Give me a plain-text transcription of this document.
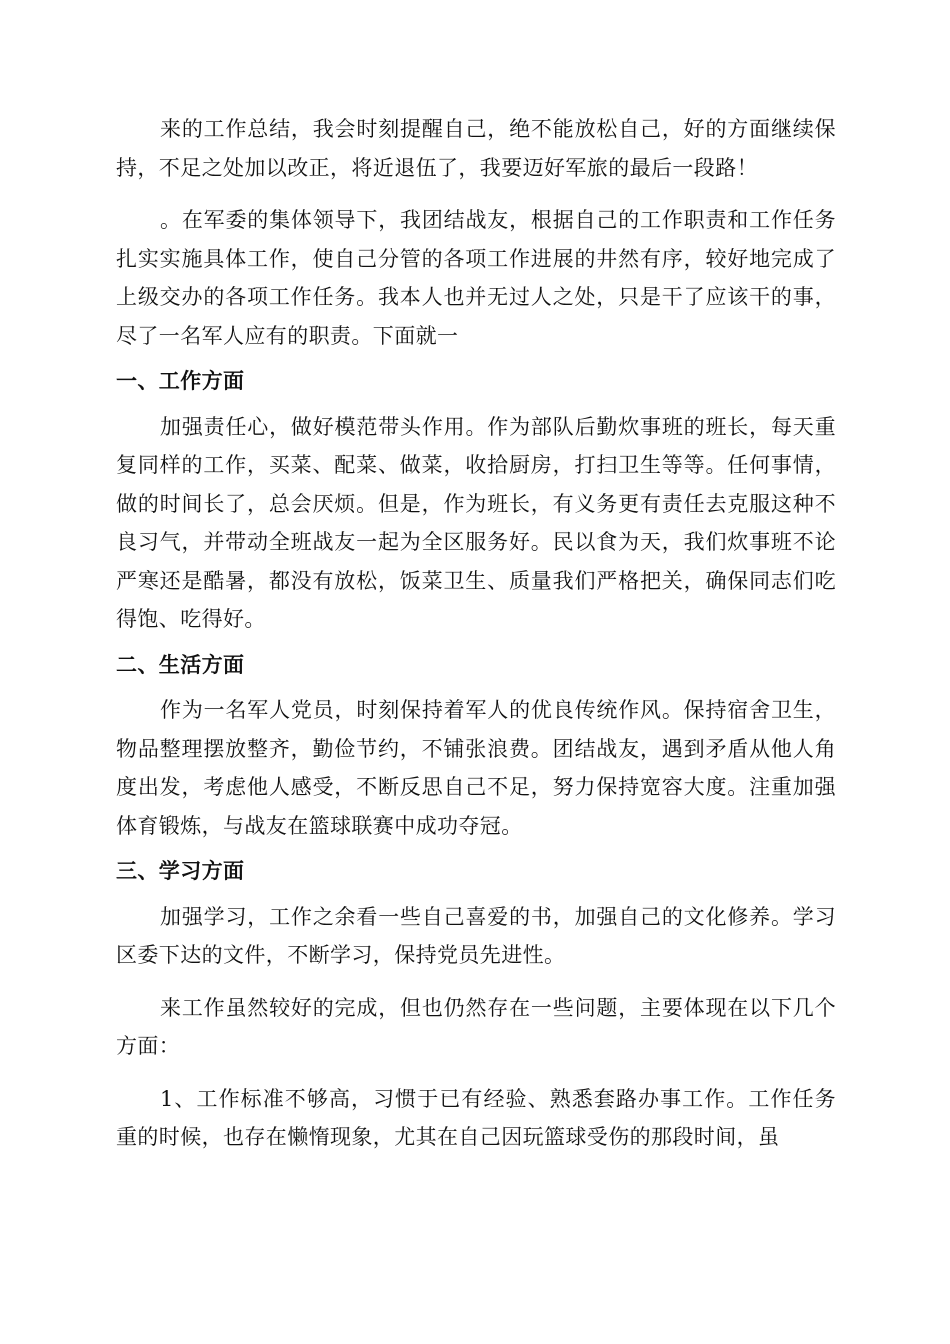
来的工作总结，我会时刻提醒自己，绝不能放松自己，好的方面继续保持，不足之处加以改正，将近退伍了，我要迈好军旅的最后一段路！

。在军委的集体领导下，我团结战友，根据自己的工作职责和工作任务扎实实施具体工作，使自己分管的各项工作进展的井然有序，较好地完成了上级交办的各项工作任务。我本人也并无过人之处，只是干了应该干的事，尽了一名军人应有的职责。下面就一

一、工作方面

加强责任心，做好模范带头作用。作为部队后勤炊事班的班长，每天重复同样的工作，买菜、配菜、做菜，收拾厨房，打扫卫生等等。任何事情，做的时间长了，总会厌烦。但是，作为班长，有义务更有责任去克服这种不良习气，并带动全班战友一起为全区服务好。民以食为天，我们炊事班不论严寒还是酷暑，都没有放松，饭菜卫生、质量我们严格把关，确保同志们吃得饱、吃得好。

二、生活方面

作为一名军人党员，时刻保持着军人的优良传统作风。保持宿舍卫生，物品整理摆放整齐，勤俭节约，不铺张浪费。团结战友，遇到矛盾从他人角度出发，考虑他人感受，不断反思自己不足，努力保持宽容大度。注重加强体育锻炼，与战友在篮球联赛中成功夺冠。

三、学习方面

加强学习，工作之余看一些自己喜爱的书，加强自己的文化修养。学习区委下达的文件，不断学习，保持党员先进性。

来工作虽然较好的完成，但也仍然存在一些问题，主要体现在以下几个方面：

1、工作标准不够高，习惯于已有经验、熟悉套路办事工作。工作任务重的时候，也存在懒惰现象，尤其在自己因玩篮球受伤的那段时间，虽
